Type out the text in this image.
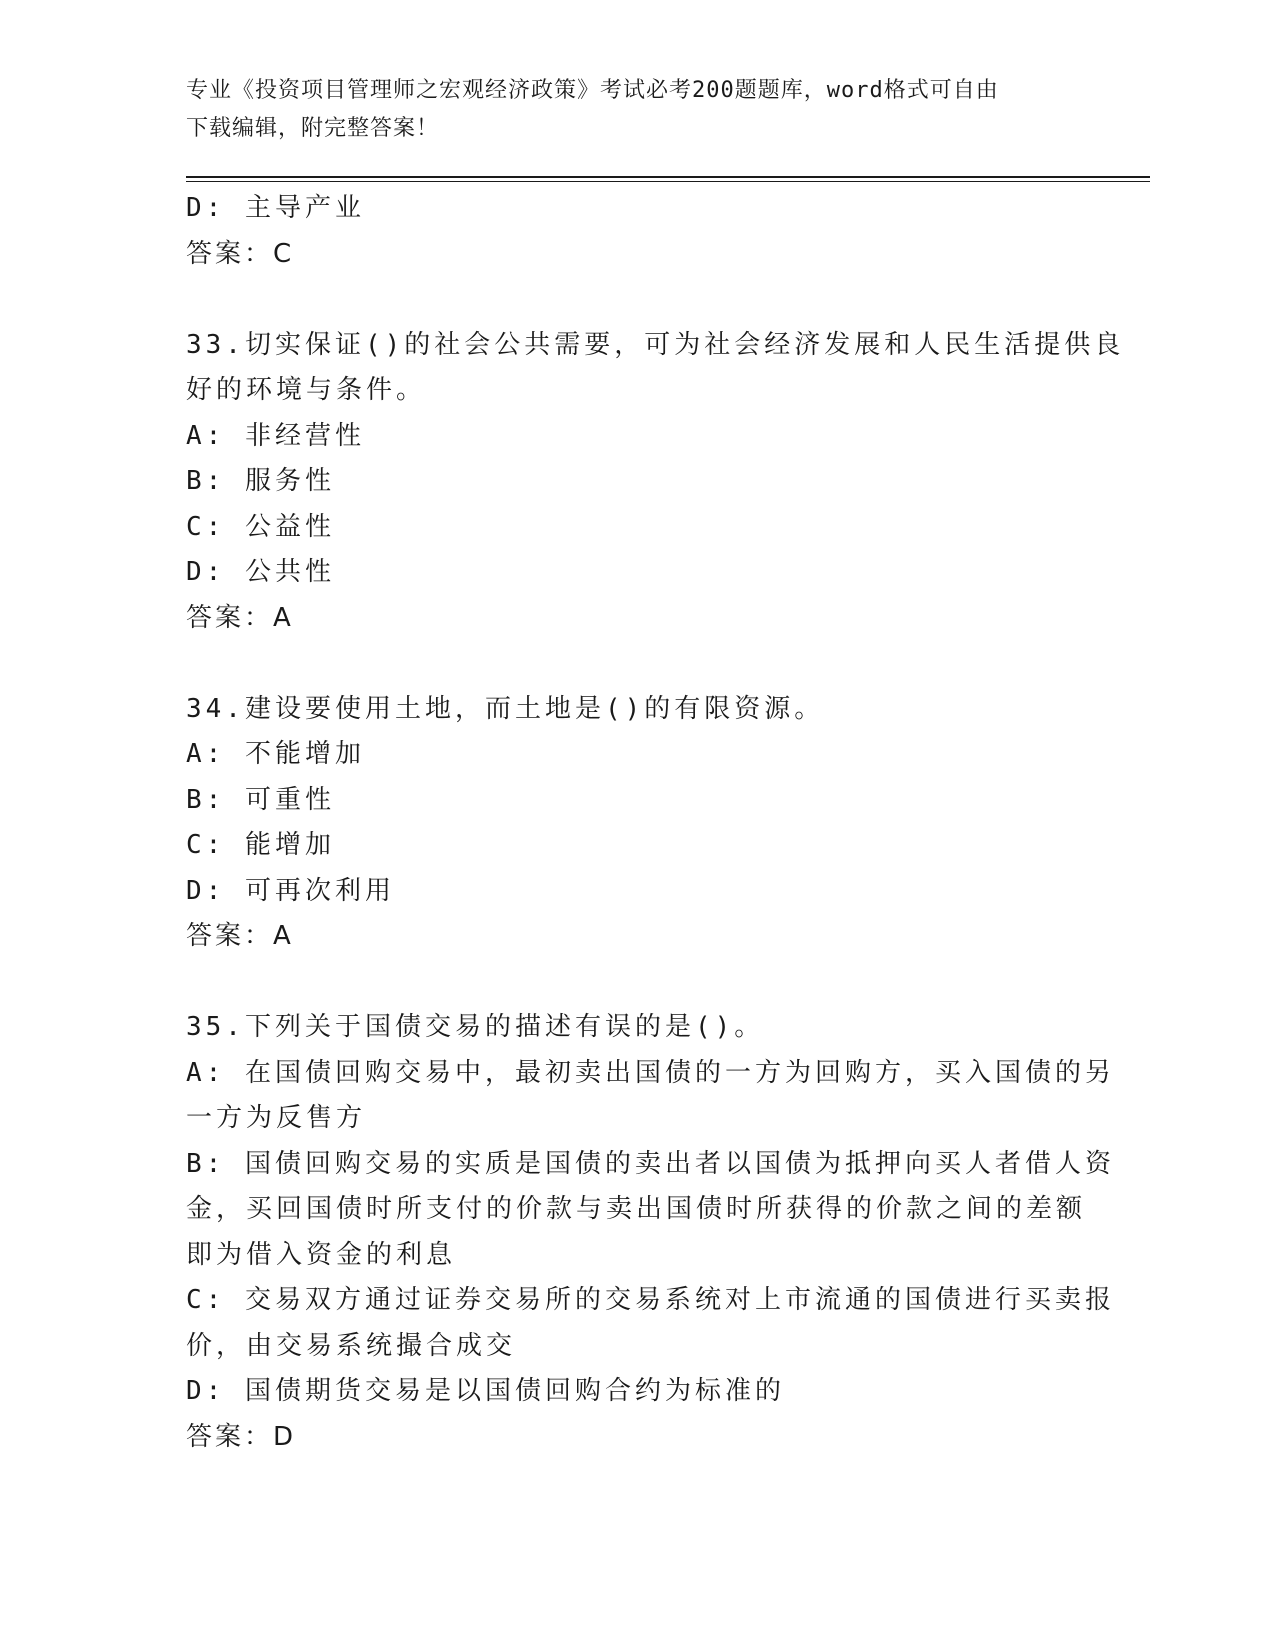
专业《投资项目管理师之宏观经济政策》考试必考200题题库，word格式可自由
下载编辑，附完整答案！
D: 主导产业
答案：C
33.切实保证()的社会公共需要，可为社会经济发展和人民生活提供良
好的环境与条件。
A: 非经营性
B: 服务性
C: 公益性
D: 公共性
答案：A
34.建设要使用土地，而土地是()的有限资源。
A: 不能增加
B: 可重性
C: 能增加
D: 可再次利用
答案：A
35.下列关于国债交易的描述有误的是()。
A: 在国债回购交易中，最初卖出国债的一方为回购方，买入国债的另
一方为反售方
B: 国债回购交易的实质是国债的卖出者以国债为抵押向买人者借人资
金，买回国债时所支付的价款与卖出国债时所获得的价款之间的差额
即为借入资金的利息
C: 交易双方通过证券交易所的交易系统对上市流通的国债进行买卖报
价，由交易系统撮合成交
D: 国债期货交易是以国债回购合约为标准的
答案：D
